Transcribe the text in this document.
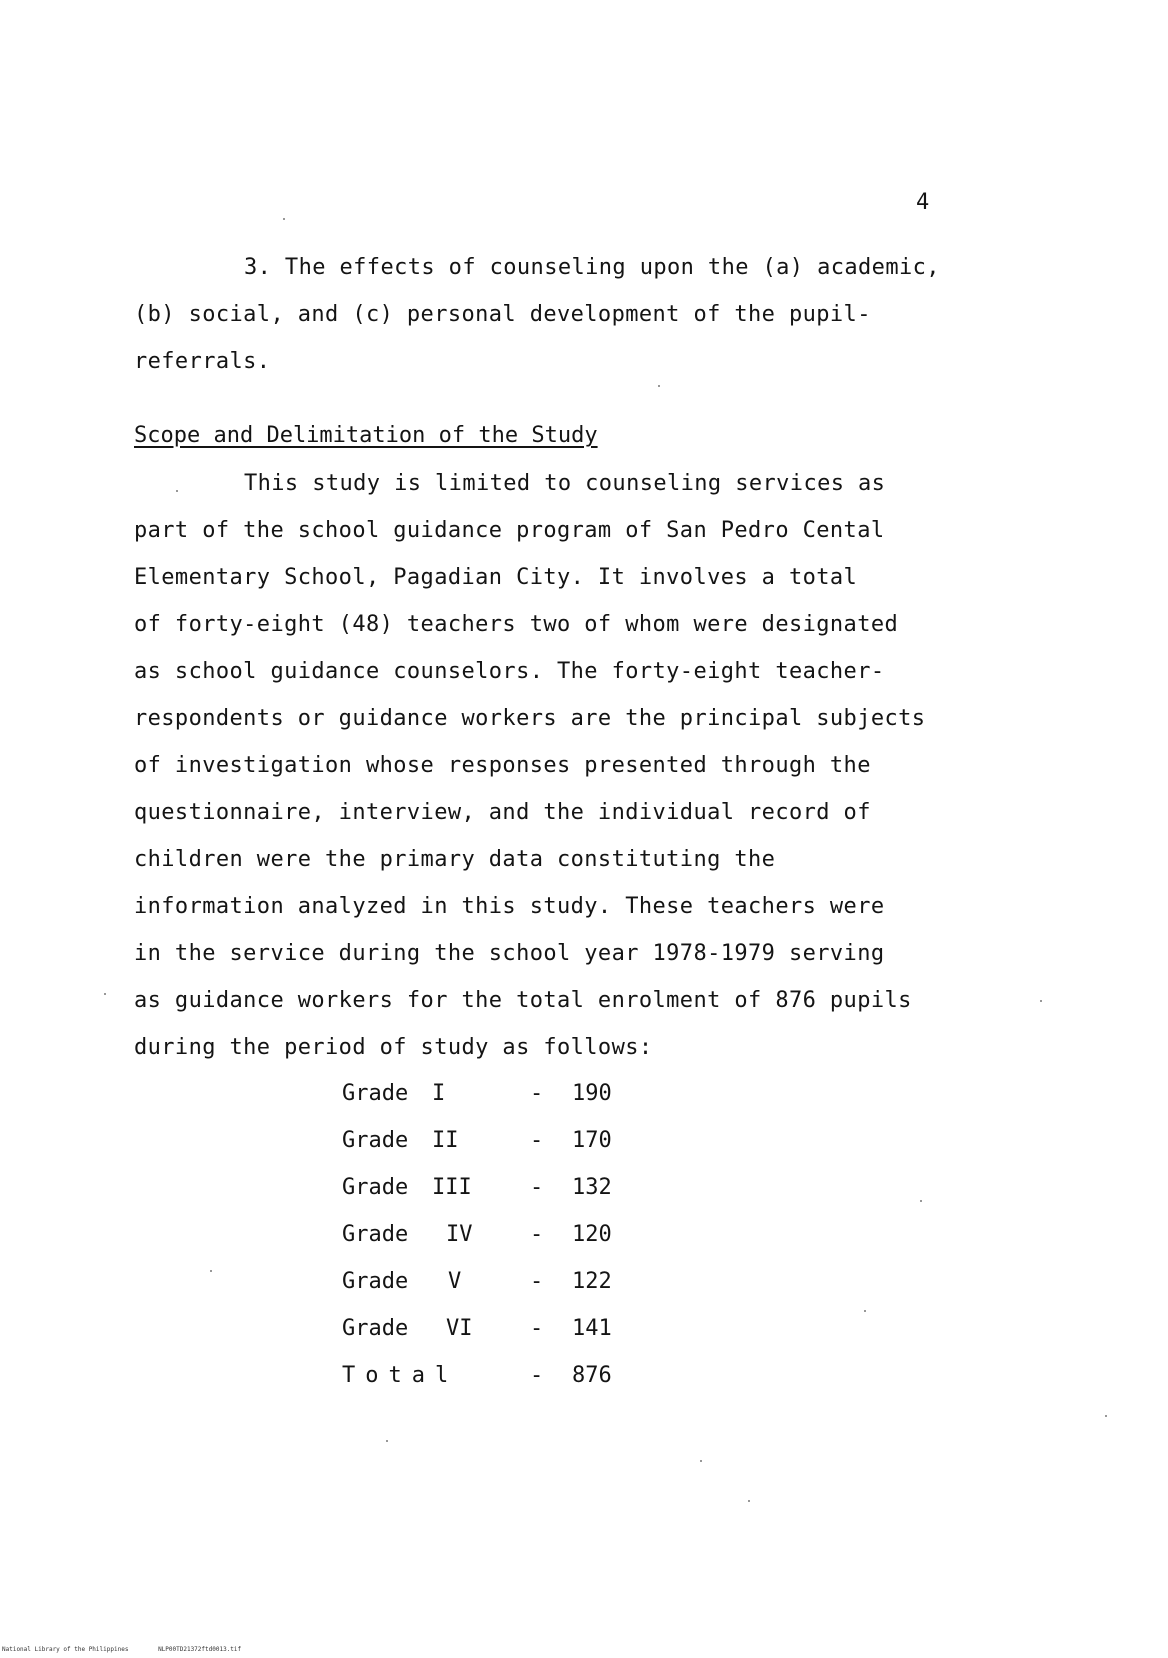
4
3. The effects of counseling upon the (a) academic,
(b) social, and (c) personal development of the pupil-
referrals.
Scope and Delimitation of the Study
This study is limited to counseling services as
part of the school guidance program of San Pedro Cental
Elementary School, Pagadian City. It involves a total
of forty-eight (48) teachers two of whom were designated
as school guidance counselors. The forty-eight teacher-
respondents or guidance workers are the principal subjects
of investigation whose responses presented through the
questionnaire, interview, and the individual record of
children were the primary data constituting the
information analyzed in this study. These teachers were
in the service during the school year 1978-1979 serving
as guidance workers for the total enrolment of 876 pupils
during the period of study as follows:
Grade I	- 190
Grade II	- 170
Grade III	- 132
Grade IV	- 120
Grade V	- 122
Grade VI	- 141
Total	- 876
National Library of the Philippines	NLP00TD21372ftd0013.tif
